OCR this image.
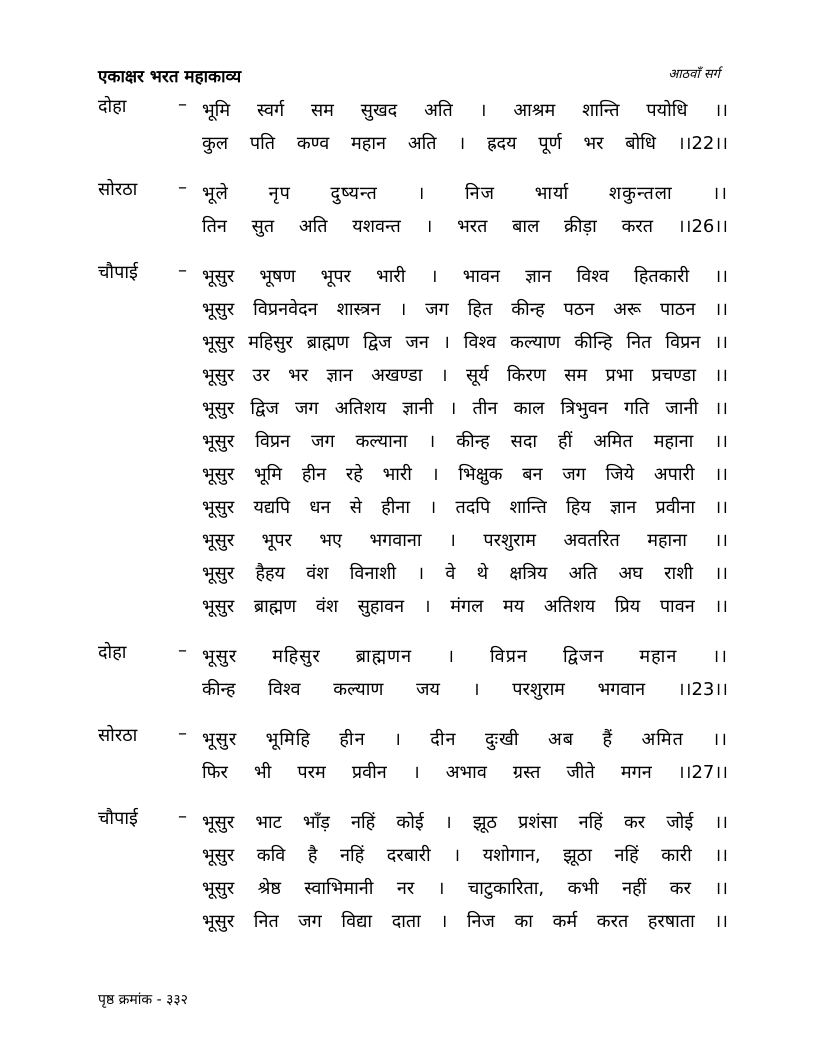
एकाक्षर भरत महाकाव्य	आठवाँ सर्ग
दोहा	– भूमि स्वर्ग सम सुखद अति । आश्रम शान्ति पयोधि ।।
कुल पति कण्व महान अति । ह्रदय पूर्ण भर बोधि ।।22।।
सोरठा	– भूले नृप दुष्यन्त । निज भार्या शकुन्तला ।।
तिन सुत अति यशवन्त । भरत बाल क्रीड़ा करत ।।26।।
चौपाई	– भूसुर भूषण भूपर भारी । भावन ज्ञान विश्व हितकारी ।।
भूसुर विप्रनवेदन शास्त्रन । जग हित कीन्ह पठन अरू पाठन ।।
भूसुर महिसुर ब्राह्मण द्विज जन । विश्व कल्याण कीन्हि नित विप्रन ।।
भूसुर उर भर ज्ञान अखण्डा । सूर्य किरण सम प्रभा प्रचण्डा ।।
भूसुर द्विज जग अतिशय ज्ञानी । तीन काल त्रिभुवन गति जानी ।।
भूसुर विप्रन जग कल्याना । कीन्ह सदा हीं अमित महाना ।।
भूसुर भूमि हीन रहे भारी । भिक्षुक बन जग जिये अपारी ।।
भूसुर यद्यपि धन से हीना । तदपि शान्ति हिय ज्ञान प्रवीना ।।
भूसुर भूपर भए भगवाना । परशुराम अवतरित महाना ।।
भूसुर हैहय वंश विनाशी । वे थे क्षत्रिय अति अघ राशी ।।
भूसुर ब्राह्मण वंश सुहावन । मंगल मय अतिशय प्रिय पावन ।।
दोहा	– भूसुर महिसुर ब्राह्मणन । विप्रन द्विजन महान ।।
कीन्ह विश्व कल्याण जय । परशुराम भगवान ।।23।।
सोरठा	– भूसुर भूमिहि हीन । दीन दुःखी अब हैं अमित ।।
फिर भी परम प्रवीन । अभाव ग्रस्त जीते मगन ।।27।।
चौपाई	– भूसुर भाट भाँड़ नहिं कोई । झूठ प्रशंसा नहिं कर जोई ।।
भूसुर कवि है नहिं दरबारी । यशोगान, झूठा नहिं कारी ।।
भूसुर श्रेष्ठ स्वाभिमानी नर । चाटुकारिता, कभी नहीं कर ।।
भूसुर नित जग विद्या दाता । निज का कर्म करत हरषाता ।।
पृष्ठ क्रमांक - ३३२
